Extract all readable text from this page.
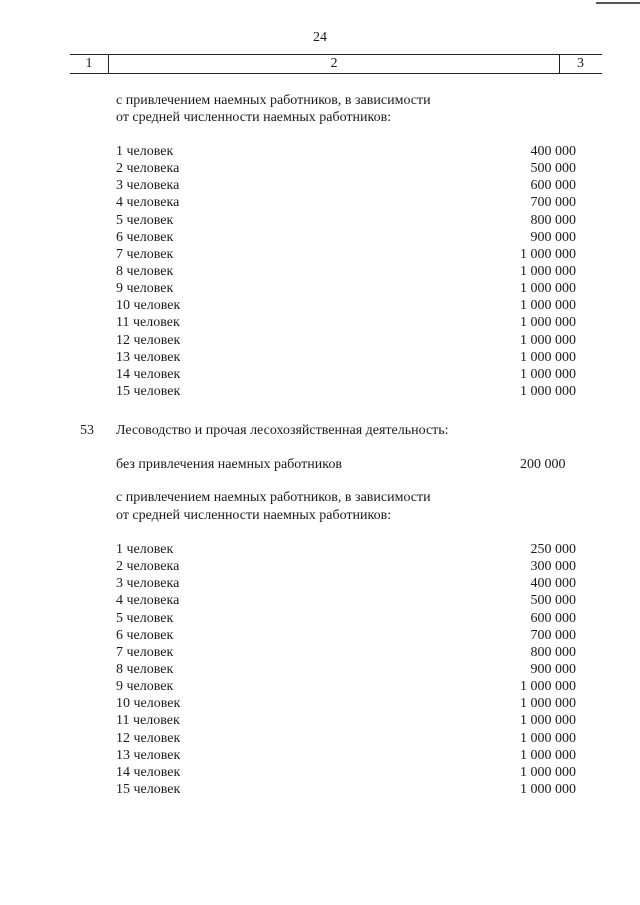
24
1	2	3
с привлечением наемных работников, в зависимости
от средней численности наемных работников:
1 человек	400 000
2 человека	500 000
3 человека	600 000
4 человека	700 000
5 человек	800 000
6 человек	900 000
7 человек	1 000 000
8 человек	1 000 000
9 человек	1 000 000
10 человек	1 000 000
11 человек	1 000 000
12 человек	1 000 000
13 человек	1 000 000
14 человек	1 000 000
15 человек	1 000 000
53 Лесоводство и прочая лесохозяйственная деятельность:
без привлечения наемных работников	200 000
с привлечением наемных работников, в зависимости
от средней численности наемных работников:
1 человек	250 000
2 человека	300 000
3 человека	400 000
4 человека	500 000
5 человек	600 000
6 человек	700 000
7 человек	800 000
8 человек	900 000
9 человек	1 000 000
10 человек	1 000 000
11 человек	1 000 000
12 человек	1 000 000
13 человек	1 000 000
14 человек	1 000 000
15 человек	1 000 000
